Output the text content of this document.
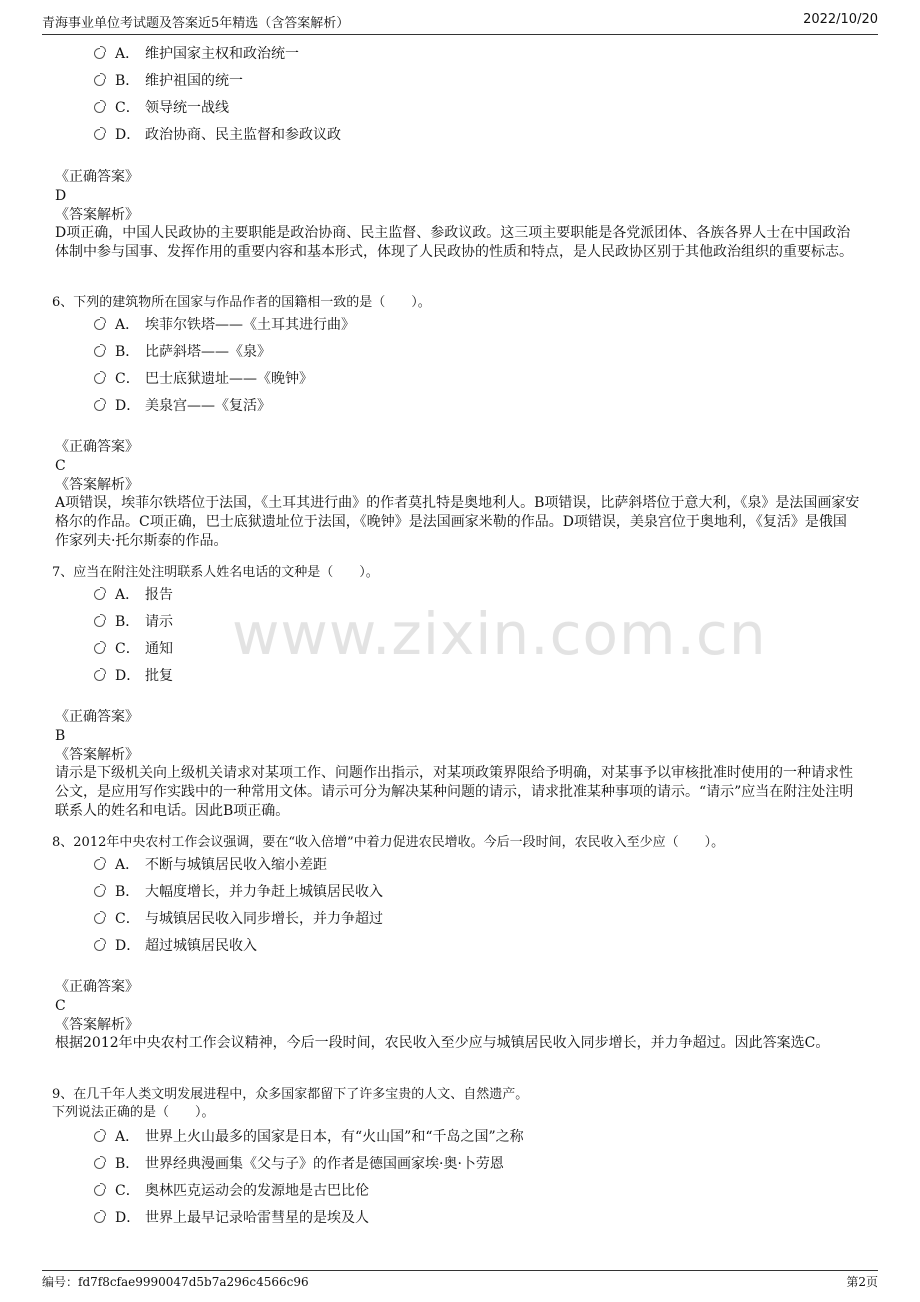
青海事业单位考试题及答案近5年精选（含答案解析）	2022/10/20
www.zixin.com.cn
A． 维护国家主权和政治统一
B． 维护祖国的统一
C． 领导统一战线
D． 政治协商、民主监督和参政议政
《正确答案》
D
《答案解析》
D项正确，中国人民政协的主要职能是政治协商、民主监督、参政议政。这三项主要职能是各党派团体、各族各界人士在中国政治体制中参与国事、发挥作用的重要内容和基本形式，体现了人民政协的性质和特点，是人民政协区别于其他政治组织的重要标志。
6、下列的建筑物所在国家与作品作者的国籍相一致的是（　　）。
A． 埃菲尔铁塔——《土耳其进行曲》
B． 比萨斜塔——《泉》
C． 巴士底狱遗址——《晚钟》
D． 美泉宫——《复活》
《正确答案》
C
《答案解析》
A项错误，埃菲尔铁塔位于法国，《土耳其进行曲》的作者莫扎特是奥地利人。B项错误，比萨斜塔位于意大利，《泉》是法国画家安格尔的作品。C项正确，巴士底狱遗址位于法国，《晚钟》是法国画家米勒的作品。D项错误，美泉宫位于奥地利，《复活》是俄国作家列夫·托尔斯泰的作品。
7、应当在附注处注明联系人姓名电话的文种是（　　）。
A． 报告
B． 请示
C． 通知
D． 批复
《正确答案》
B
《答案解析》
请示是下级机关向上级机关请求对某项工作、问题作出指示，对某项政策界限给予明确，对某事予以审核批准时使用的一种请求性公文，是应用写作实践中的一种常用文体。请示可分为解决某种问题的请示，请求批准某种事项的请示。“请示”应当在附注处注明联系人的姓名和电话。因此B项正确。
8、2012年中央农村工作会议强调，要在“收入倍增”中着力促进农民增收。今后一段时间，农民收入至少应（　　）。
A． 不断与城镇居民收入缩小差距
B． 大幅度增长，并力争赶上城镇居民收入
C． 与城镇居民收入同步增长，并力争超过
D． 超过城镇居民收入
《正确答案》
C
《答案解析》
根据2012年中央农村工作会议精神，今后一段时间，农民收入至少应与城镇居民收入同步增长，并力争超过。因此答案选C。
9、在几千年人类文明发展进程中，众多国家都留下了许多宝贵的人文、自然遗产。
下列说法正确的是（　　）。
A． 世界上火山最多的国家是日本，有“火山国”和“千岛之国”之称
B． 世界经典漫画集《父与子》的作者是德国画家埃·奥·卜劳恩
C． 奥林匹克运动会的发源地是古巴比伦
D． 世界上最早记录哈雷彗星的是埃及人
编号：fd7f8cfae9990047d5b7a296c4566c96	第2页
